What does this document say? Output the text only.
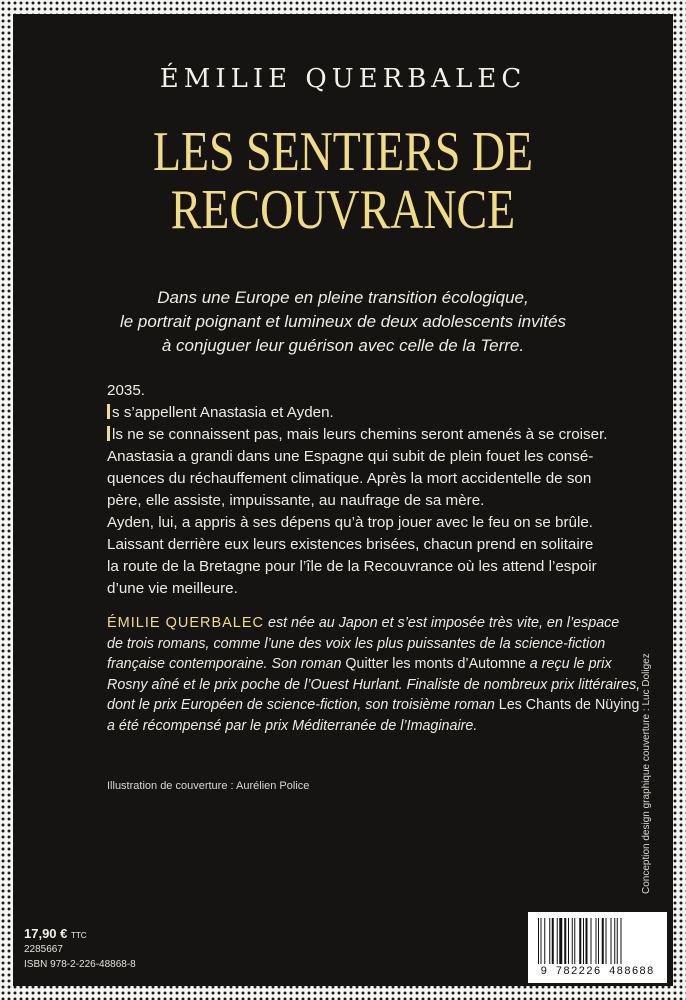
ÉMILIE QUERBALEC
LES SENTIERS DE
RECOUVRANCE
Dans une Europe en pleine transition écologique,
le portrait poignant et lumineux de deux adolescents invités
à conjuguer leur guérison avec celle de la Terre.

2035.

s s’appellent Anastasia et Ayden.

ls ne se connaissent pas, mais leurs chemins seront amenés à se croiser.

Anastasia a grandi dans une Espagne qui subit de plein fouet les consé-

quences du réchauffement climatique. Après la mort accidentelle de son

père, elle assiste, impuissante, au naufrage de sa mère.

Ayden, lui, a appris à ses dépens qu’à trop jouer avec le feu on se brûle.

Laissant derrière eux leurs existences brisées, chacun prend en solitaire

la route de la Bretagne pour l’île de la Recouvrance où les attend l’espoir

d’une vie meilleure.

ÉMILIE QUERBALEC est née au Japon et s’est imposée très vite, en l’espace

de trois romans, comme l’une des voix les plus puissantes de la science-fiction

française contemporaine. Son roman Quitter les monts d’Automne a reçu le prix

Rosny aîné et le prix poche de l’Ouest Hurlant. Finaliste de nombreux prix littéraires,

dont le prix Européen de science-fiction, son troisième roman Les Chants de Nüying

a été récompensé par le prix Méditerranée de l’Imaginaire.

Illustration de couverture : Aurélien Police	Conception design graphique couverture : Luc Doligez
17,90 € TTC
2285667
ISBN 978-2-226-48868-8
9 782226 488688
